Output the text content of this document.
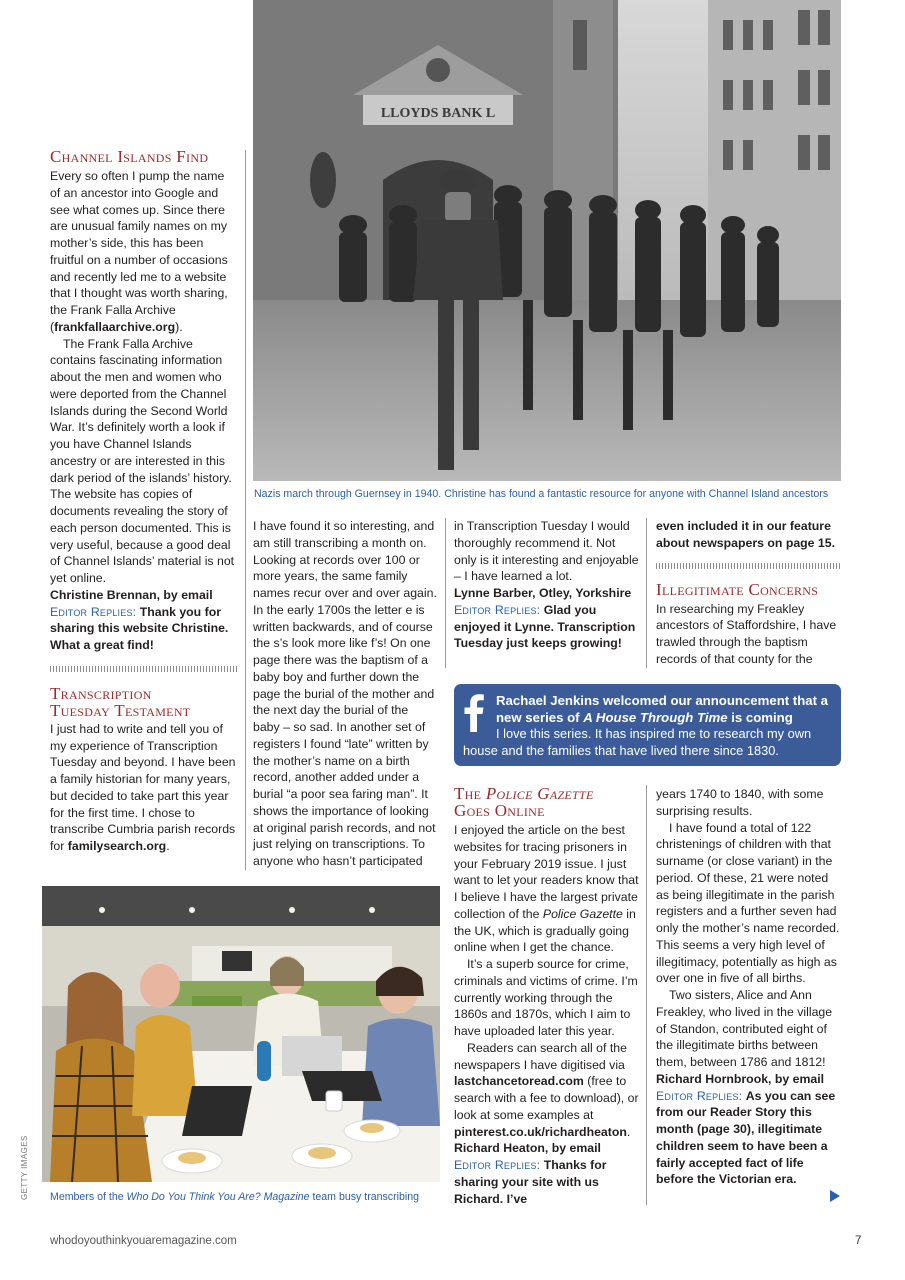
LLOYDS BANK L
Nazis march through Guernsey in 1940. Christine has found a fantastic resource for anyone with Channel Island ancestors
Channel Islands Find

Every so often I pump the name of an ancestor into Google and see what comes up. Since there are unusual family names on my mother’s side, this has been fruitful on a number of occasions and recently led me to a website that I thought was worth sharing, the Frank Falla Archive (frankfallaarchive.org).

The Frank Falla Archive contains fascinating information about the men and women who were deported from the Channel Islands during the Second World War. It’s definitely worth a look if you have Channel Islands ancestry or are interested in this dark period of the islands’ history. The website has copies of documents revealing the story of each person documented. This is very useful, because a good deal of Channel Islands’ material is not yet online.

Christine Brennan, by email

Editor Replies: Thank you for sharing this website Christine. What a great find!

Transcription
Tuesday Testament

I just had to write and tell you of my experience of Transcription Tuesday and beyond. I have been a family historian for many years, but decided to take part this year for the first time. I chose to transcribe Cumbria parish records for familysearch.org.

I have found it so interesting, and am still transcribing a month on. Looking at records over 100 or more years, the same family names recur over and over again. In the early 1700s the letter e is written backwards, and of course the s’s look more like f’s! On one page there was the baptism of a baby boy and further down the page the burial of the mother and the next day the burial of the baby – so sad. In another set of registers I found “late” written by the mother’s name on a birth record, another added under a burial “a poor sea faring man”. It shows the importance of looking at original parish records, and not just relying on transcriptions. To anyone who hasn’t participated

in Transcription Tuesday I would thoroughly recommend it. Not only is it interesting and enjoyable – I have learned a lot.

Lynne Barber, Otley, Yorkshire

Editor Replies: Glad you enjoyed it Lynne. Transcription Tuesday just keeps growing!

even included it in our feature about newspapers on page 15.

Illegitimate Concerns

In researching my Freakley ancestors of Staffordshire, I have trawled through the baptism records of that county for the

Rachael Jenkins welcomed our announcement that a new series of A House Through Time is coming
I love this series. It has inspired me to research my own house and the families that have lived there since 1830.
Members of the Who Do You Think You Are? Magazine team busy transcribing
GETTY IMAGES
The Police Gazette
Goes Online

I enjoyed the article on the best websites for tracing prisoners in your February 2019 issue. I just want to let your readers know that I believe I have the largest private collection of the Police Gazette in the UK, which is gradually going online when I get the chance.

It’s a superb source for crime, criminals and victims of crime. I’m currently working through the 1860s and 1870s, which I aim to have uploaded later this year.

Readers can search all of the newspapers I have digitised via lastchancetoread.com (free to search with a fee to download), or look at some examples at pinterest.co.uk/richardheaton.

Richard Heaton, by email

Editor Replies: Thanks for sharing your site with us Richard. I’ve

years 1740 to 1840, with some surprising results.

I have found a total of 122 christenings of children with that surname (or close variant) in the period. Of these, 21 were noted as being illegitimate in the parish registers and a further seven had only the mother’s name recorded. This seems a very high level of illegitimacy, potentially as high as over one in five of all births.

Two sisters, Alice and Ann Freakley, who lived in the village of Standon, contributed eight of the illegitimate births between them, between 1786 and 1812!

Richard Hornbrook, by email

Editor Replies: As you can see from our Reader Story this month (page 30), illegitimate children seem to have been a fairly accepted fact of life before the Victorian era.

whodoyouthinkyouaremagazine.com	7
